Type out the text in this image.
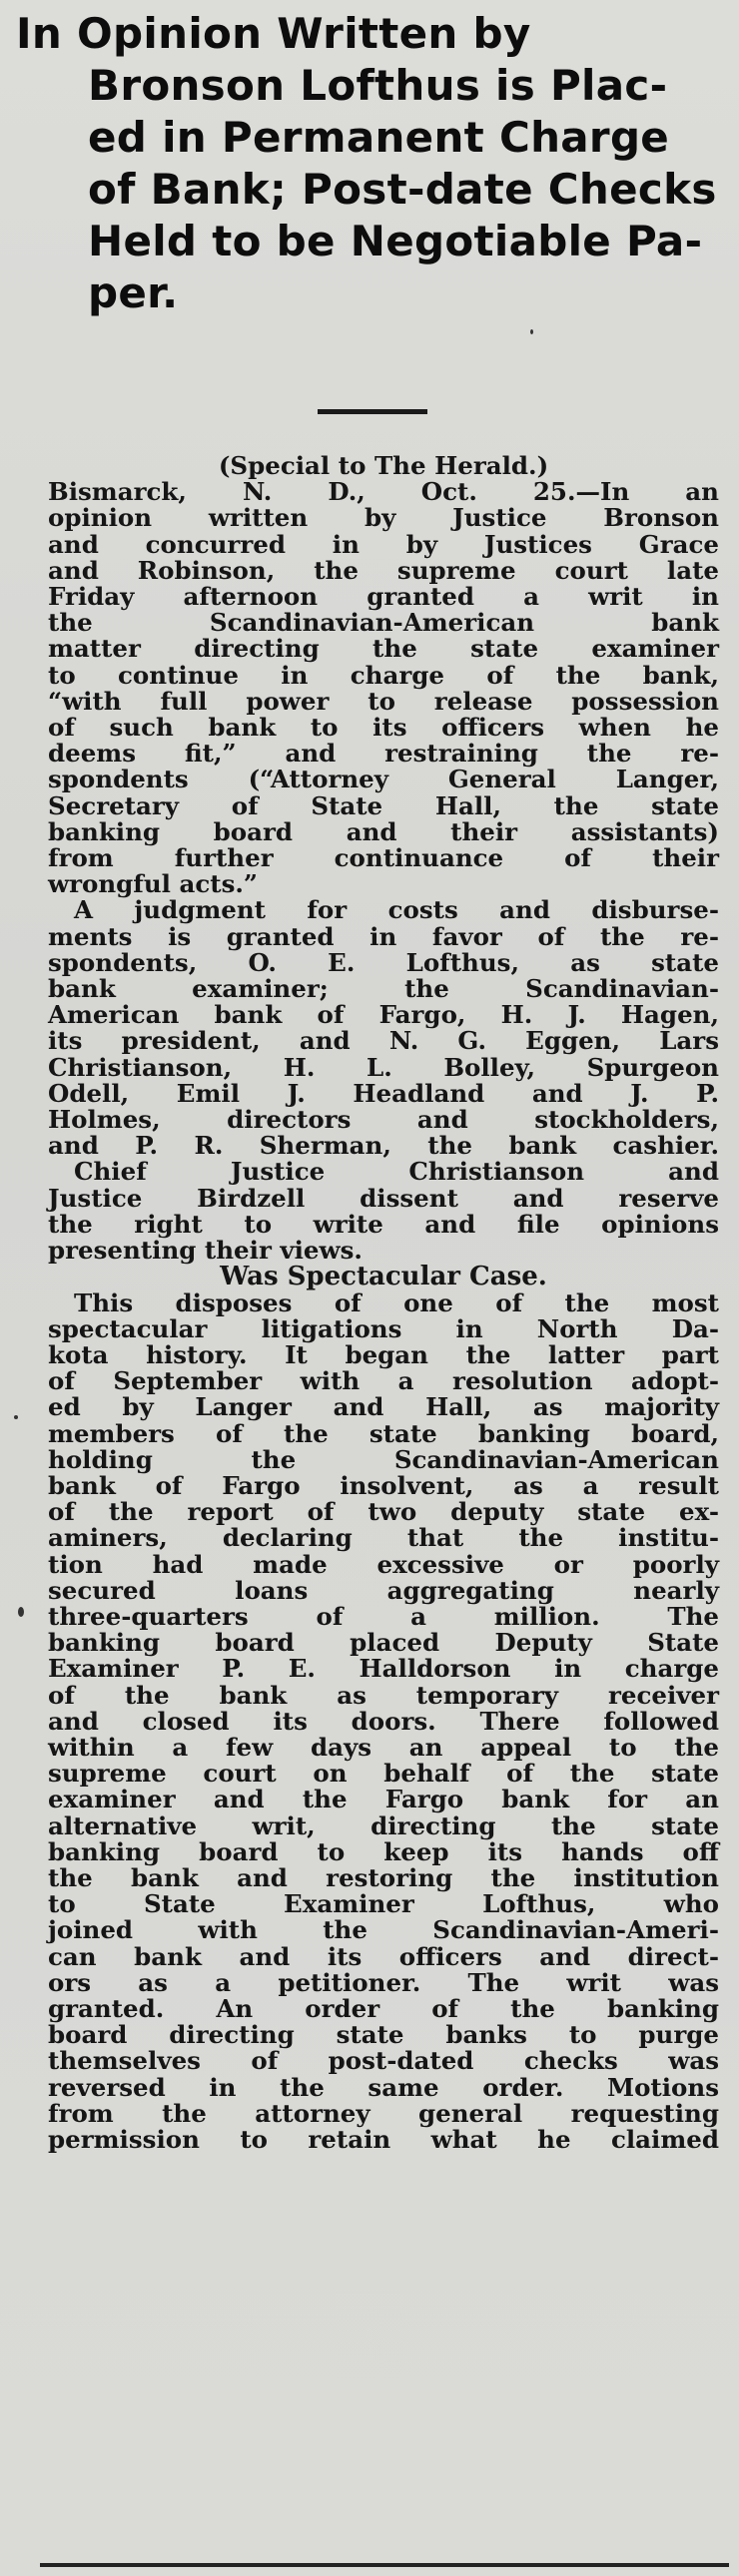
In Opinion Written by
Bronson Lofthus is Plac-
ed in Permanent Charge
of Bank; Post-date Checks
Held to be Negotiable Pa-
per.
(Special to The Herald.)
Bismarck, N. D., Oct. 25.—In an
opinion written by Justice Bronson
and concurred in by Justices Grace
and Robinson, the supreme court late
Friday afternoon granted a writ in
the Scandinavian-American bank
matter directing the state examiner
to continue in charge of the bank,
“with full power to release possession
of such bank to its officers when he
deems fit,” and restraining the re-
spondents (“Attorney General Langer,
Secretary of State Hall, the state
banking board and their assistants)
from further continuance of their
wrongful acts.”
A judgment for costs and disburse-
ments is granted in favor of the re-
spondents, O. E. Lofthus, as state
bank examiner; the Scandinavian-
American bank of Fargo, H. J. Hagen,
its president, and N. G. Eggen, Lars
Christianson, H. L. Bolley, Spurgeon
Odell, Emil J. Headland and J. P.
Holmes, directors and stockholders,
and P. R. Sherman, the bank cashier.
Chief Justice Christianson and
Justice Birdzell dissent and reserve
the right to write and file opinions
presenting their views.
Was Spectacular Case.
This disposes of one of the most
spectacular litigations in North Da-
kota history. It began the latter part
of September with a resolution adopt-
ed by Langer and Hall, as majority
members of the state banking board,
holding the Scandinavian-American
bank of Fargo insolvent, as a result
of the report of two deputy state ex-
aminers, declaring that the institu-
tion had made excessive or poorly
secured loans aggregating nearly
three-quarters of a million. The
banking board placed Deputy State
Examiner P. E. Halldorson in charge
of the bank as temporary receiver
and closed its doors. There followed
within a few days an appeal to the
supreme court on behalf of the state
examiner and the Fargo bank for an
alternative writ, directing the state
banking board to keep its hands off
the bank and restoring the institution
to State Examiner Lofthus, who
joined with the Scandinavian-Ameri-
can bank and its officers and direct-
ors as a petitioner. The writ was
granted. An order of the banking
board directing state banks to purge
themselves of post-dated checks was
reversed in the same order. Motions
from the attorney general requesting
permission to retain what he claimed
